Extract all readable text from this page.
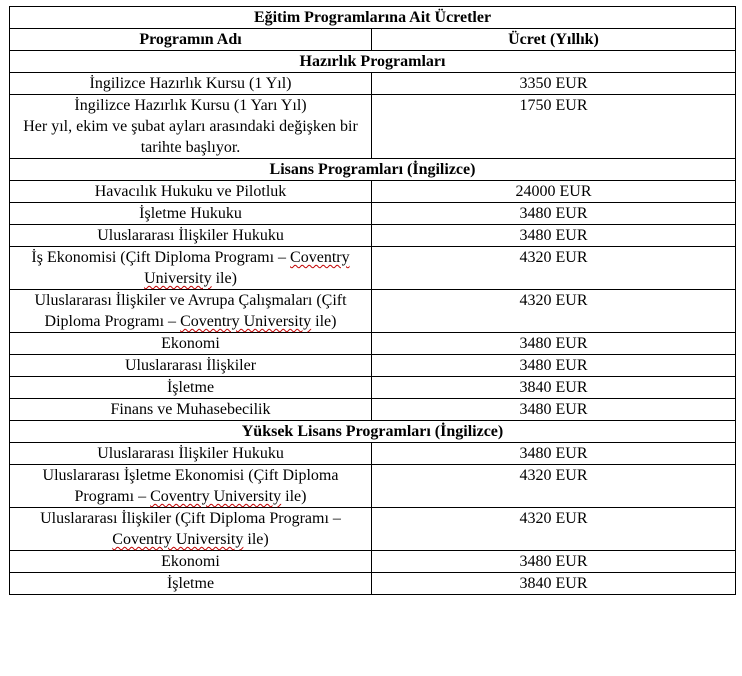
Eğitim Programlarına Ait Ücretler	
Programın Adı	Ücret (Yıllık)
Hazırlık Programları	
İngilizce Hazırlık Kursu (1 Yıl)	3350 EUR
İngilizce Hazırlık Kursu (1 Yarı Yıl)
Her yıl, ekim ve şubat ayları arasındaki değişken bir tarihte başlıyor.	1750 EUR
Lisans Programları (İngilizce)	
Havacılık Hukuku ve Pilotluk	24000 EUR
İşletme Hukuku	3480 EUR
Uluslararası İlişkiler Hukuku	3480 EUR
İş Ekonomisi (Çift Diploma Programı – Coventry University ile)	4320 EUR
Uluslararası İlişkiler ve Avrupa Çalışmaları (Çift Diploma Programı – Coventry University ile)	4320 EUR
Ekonomi	3480 EUR
Uluslararası İlişkiler	3480 EUR
İşletme	3840 EUR
Finans ve Muhasebecilik	3480 EUR
Yüksek Lisans Programları (İngilizce)	
Uluslararası İlişkiler Hukuku	3480 EUR
Uluslararası İşletme Ekonomisi (Çift Diploma Programı – Coventry University ile)	4320 EUR
Uluslararası İlişkiler (Çift Diploma Programı – Coventry University ile)	4320 EUR
Ekonomi	3480 EUR
İşletme	3840 EUR
